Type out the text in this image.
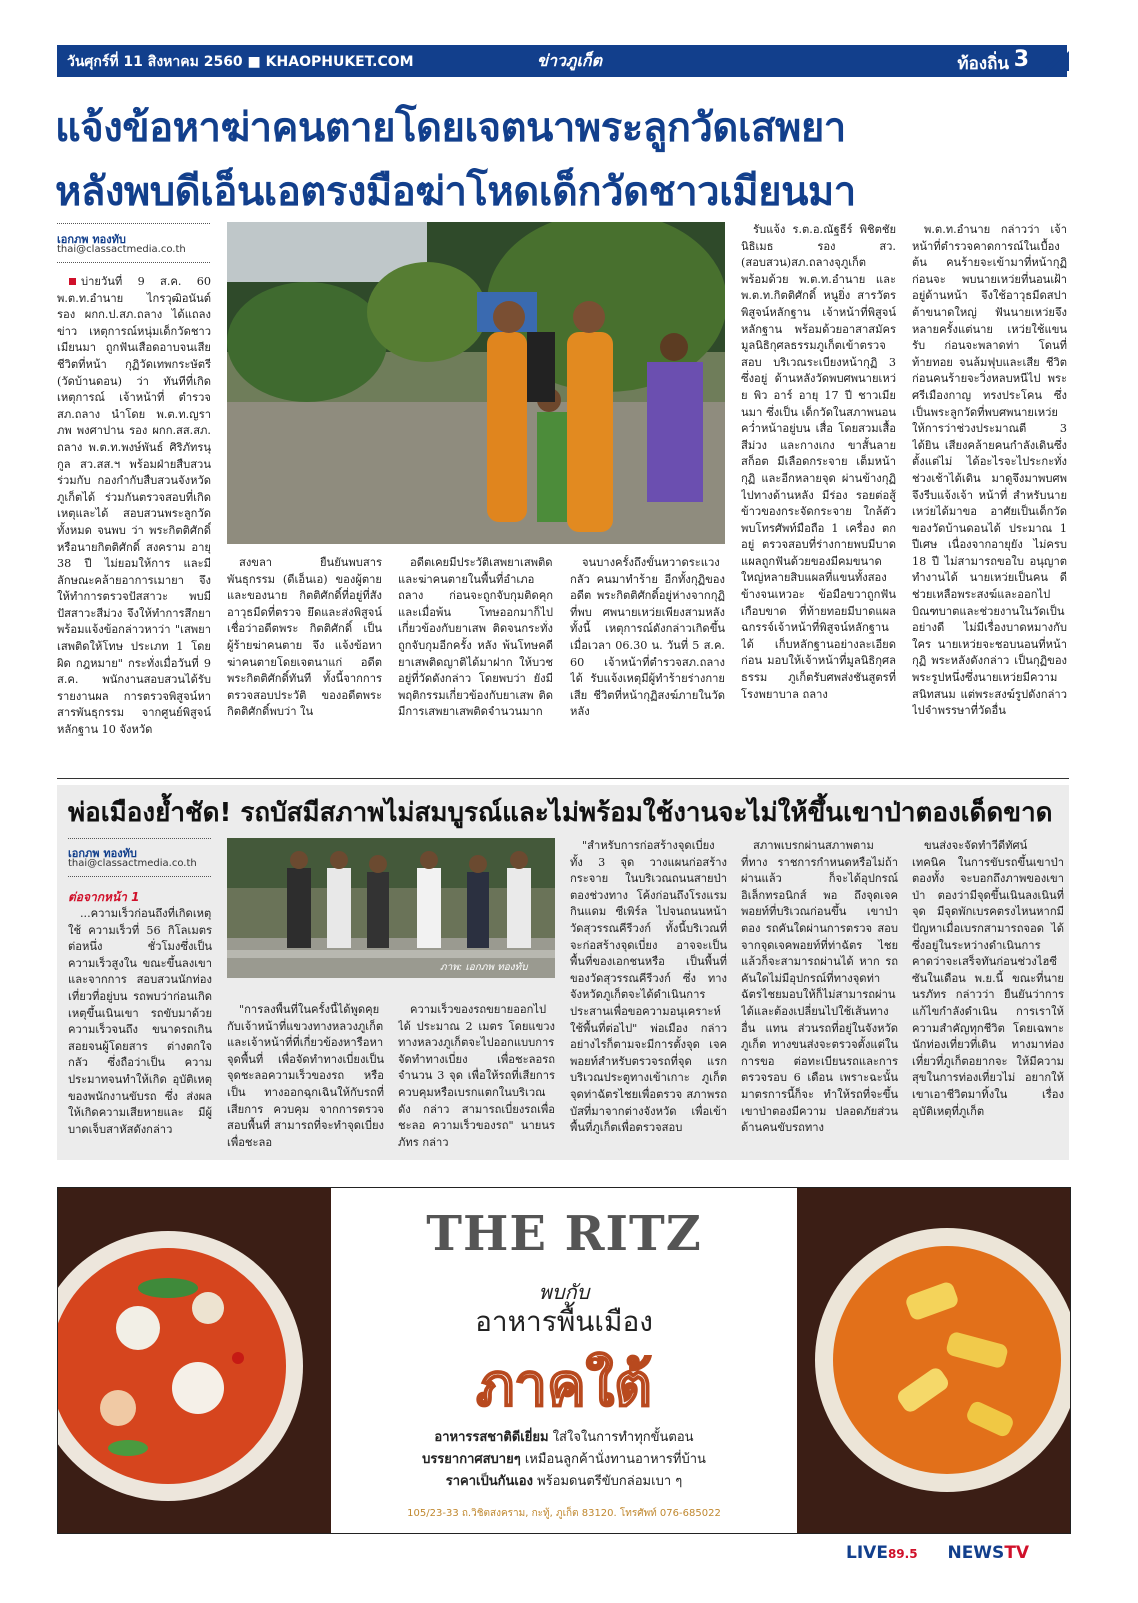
วันศุกร์ที่ 11 สิงหาคม 2560 ■ KHAOPHUKET.COM	ข่าวภูเก็ต	ท้องถิ่น 3
แจ้งข้อหาฆ่าคนตายโดยเจตนาพระลูกวัดเสพยา
หลังพบดีเอ็นเอตรงมือฆ่าโหดเด็กวัดชาวเมียนมา
เอกภพ ทองทับ
thai@classactmedia.co.th

บ่ายวันที่ 9 ส.ค. 60 พ.ต.ท.อำนาย ไกรวุฒิอนันต์ รอง ผกก.ป.สภ.ถลาง ได้แถลงข่าว เหตุการณ์หนุ่มเด็กวัดชาวเมียนมา ถูกฟันเสือดอาบจนเสียชีวิตที่หน้า กุฏิวัดเทพกระษัตรี (วัดบ้านดอน) ว่า ทันทีที่เกิดเหตุการณ์ เจ้าหน้าที่ ตำรวจสภ.ถลาง นำโดย พ.ต.ท.ญรา ภพ พงศาปาน รอง ผกก.สส.สภ. ถลาง พ.ต.ท.พงษ์พันธ์ ศิริภัทรนุกูล สว.สส.ฯ พร้อมฝ่ายสืบสวน ร่วมกับ กองกำกับสืบสวนจังหวัดภูเก็ตได้ ร่วมกันตรวจสอบที่เกิดเหตุและได้ สอบสวนพระลูกวัดทั้งหมด จนพบ ว่า พระกิตติศักดิ์ หรือนายกิตติศักดิ์ สงคราม อายุ 38 ปี ไม่ยอมให้การ และมีลักษณะคล้ายอาการเมายา จึงให้ทำการตรวจปัสสาวะ พบมี ปัสสาวะสีม่วง จึงให้ทำการสึกยา พร้อมแจ้งข้อกล่าวหาว่า "เสพยา เสพติดให้โทษ ประเภท 1 โดยผิด กฎหมาย" กระทั่งเมื่อวันที่ 9 ส.ค. พนักงานสอบสวนได้รับรายงานผล การตรวจพิสูจน์หาสารพันธุกรรม จากศูนย์พิสูจน์หลักฐาน 10 จังหวัด

สงขลา ยืนยันพบสารพันธุกรรม (ดีเอ็นเอ) ของผู้ตาย และของนาย กิตติศักดิ์ที่อยู่ที่สังอาวุธมีดที่ตรวจ ยึดและส่งพิสูจน์ เชื่อว่าอดีตพระ กิตติศักดิ์ เป็นผู้ร้ายฆ่าคนตาย จึง แจ้งข้อหาฆ่าคนตายโดยเจตนาแก่ อดีตพระกิตติศักดิ์ทันที ทั้งนี้จากการตรวจสอบประวัติ ของอดีตพระกิตติศักดิ์พบว่า ใน

อดีตเคยมีประวัติเสพยาเสพติด และฆ่าคนตายในพื้นที่อำเภอถลาง ก่อนจะถูกจับกุมติดคุก และเมื่อพ้น โทษออกมาก็ไปเกี่ยวข้องกับยาเสพ ติดจนกระทั่งถูกจับกุมอีกครั้ง หลัง พ้นโทษคดียาเสพติดญาติได้มาฝาก ให้บวชอยู่ที่วัดดังกล่าว โดยพบว่า ยังมีพฤติกรรมเกี่ยวข้องกับยาเสพ ติด มีการเสพยาเสพติดจำนวนมาก

จนบางครั้งถึงขั้นหวาดระแวง กลัว คนมาทำร้าย อีกทั้งกุฏิของอดีต พระกิตติศักดิ์อยู่ห่างจากกุฏิที่พบ ศพนายเหว่ยเพียงสามหลัง ทั้งนี้ เหตุการณ์ดังกล่าวเกิดขึ้น เมื่อเวลา 06.30 น. วันที่ 5 ส.ค. 60 เจ้าหน้าที่ตำรวจสภ.ถลาง ได้ รับแจ้งเหตุมีผู้ทำร้ายร่างกายเสีย ชีวิตที่หน้ากุฏิสงฆ์ภายในวัด หลัง

รับแจ้ง ร.ต.อ.ณัฐธีร์ พิชิตชัยนิธิเมธ รอง สว.(สอบสวน)สภ.ถลางจุภูเก็ต พร้อมด้วย พ.ต.ท.อำนาย และ พ.ต.ท.กิตติศักดิ์ หนูยิ่ง สารวัตร พิสูจน์หลักฐาน เจ้าหน้าที่พิสูจน์ หลักฐาน พร้อมด้วยอาสาสมัคร มูลนิธิกุศลธรรมภูเก็ตเข้าตรวจสอบ บริเวณระเบียงหน้ากุฏิ 3 ซึ่งอยู่ ด้านหลังวัดพบศพนายเหว่ย พิว อาร์ อายุ 17 ปี ชาวเมียนมา ซึ่งเป็น เด็กวัดในสภาพนอนคว่ำหน้าอยู่บน เสื่อ โดยสวมเสื้อสีม่วง และกางเกง ขาสั้นลายสก็อต มีเลือดกระจาย เต็มหน้ากุฏิ และอีกหลายจุด ผ่านข้างกุฏิ ไปทางด้านหลัง มีร่อง รอยต่อสู้ข้าวของกระจัดกระจาย ใกล้ตัวพบโทรศัพท์มือถือ 1 เครื่อง ตกอยู่ ตรวจสอบที่ร่างกายพบมีบาด แผลถูกฟันด้วยของมีคมขนาด ใหญ่หลายสิบแผลที่แขนทั้งสอง ข้างจนเหวอะ ข้อมือขวาถูกฟัน เกือบขาด ที่ท้ายทอยมีบาดแผล ฉกรรจ์เจ้าหน้าที่พิสูจน์หลักฐานได้ เก็บหลักฐานอย่างละเอียดก่อน มอบให้เจ้าหน้าที่มูลนิธิกุศลธรรม ภูเก็ตรับศพส่งชันสูตรที่โรงพยาบาล ถลาง

พ.ต.ท.อำนาย กล่าวว่า เจ้า หน้าที่ตำรวจคาดการณ์ในเบื้องต้น คนร้ายจะเข้ามาที่หน้ากุฏิก่อนจะ พบนายเหว่ยที่นอนเฝ้าอยู่ด้านหน้า จึงใช้อาวุธมีดสปาต้าขนาดใหญ่ ฟันนายเหว่ยจึงหลายครั้งแต่นาย เหว่ยใช้แขนรับ ก่อนจะพลาดท่า โดนที่ท้ายทอย จนล้มฟุบและเสีย ชีวิต ก่อนคนร้ายจะวิ่งหลบหนีไป พระศรีเมืองกาญ ทรงประโคน ซึ่งเป็นพระลูกวัดที่พบศพนายเหว่ย ให้การว่าช่วงประมาณตี 3 ได้ยิน เสียงคล้ายคนกำลังเดินซึ่งตั้งแต่ไม่ ได้อะไรจะไประกะทั่งช่วงเช้าได้เดิน มาดูจึงมาพบศพ จึงรีบแจ้งเจ้า หน้าที่ สำหรับนายเหว่ยได้มาขอ อาศัยเป็นเด็กวัดของวัดบ้านดอนได้ ประมาณ 1 ปีเศษ เนื่องจากอายุยัง ไม่ครบ 18 ปี ไม่สามารถขอใบ อนุญาตทำงานได้ นายเหว่ยเป็นคน ดี ช่วยเหลือพระสงฆ์และออกไป บิณฑบาตและช่วยงานในวัดเป็น อย่างดี ไม่มีเรื่องบาดหมางกับใคร นายเหว่ยจะชอบนอนที่หน้ากุฏิ พระหลังดังกล่าว เป็นกุฏิของ พระรูปหนึ่งซึ่งนายเหว่ยมีความ สนิทสนม แต่พระสงฆ์รูปดังกล่าว ไปจำพรรษาที่วัดอื่น

พ่อเมืองย้ำชัด! รถบัสมีสภาพไม่สมบูรณ์และไม่พร้อมใช้งานจะไม่ให้ขึ้นเขาป่าตองเด็ดขาด
เอกภพ ทองทับ
thai@classactmedia.co.th
ต่อจากหน้า 1
ภาพ: เอกภพ ทองทับ

...ความเร็วก่อนถึงที่เกิดเหตุใช้ ความเร็วที่ 56 กิโลเมตรต่อหนึ่ง ชั่วโมงซึ่งเป็นความเร็วสูงใน ขณะขึ้นลงเขา และจากการ สอบสวนนักท่องเที่ยวที่อยู่บน รถพบว่าก่อนเกิดเหตุขึ้นเนินเขา รถขับมาด้วยความเร็วจนถึง ขนาดรถเกินสอยจนผู้โดยสาร ต่างตกใจกลัว ซึ่งถือว่าเป็น ความประมาทจนทำให้เกิด อุบัติเหตุของพนักงานขับรถ ซึ่ง ส่งผลให้เกิดความเสียหายและ มีผู้บาดเจ็บสาหัสดังกล่าว

"การลงพื้นที่ในครั้งนี้ได้พูดคุย กับเจ้าหน้าที่แขวงทางหลวงภูเก็ต และเจ้าหน้าที่ที่เกี่ยวข้องหารือหา จุดพื้นที่ เพื่อจัดทำทางเบี่ยงเป็น จุดชะลอความเร็วของรถ หรือเป็น ทางออกฉุกเฉินให้กับรถที่เสียการ ควบคุม จากการตรวจสอบพื้นที่ สามารถที่จะทำจุดเบี่ยงเพื่อชะลอ

ความเร็วของรถขยายออกไปได้ ประมาณ 2 เมตร โดยแขวง ทางหลวงภูเก็ตจะไปออกแบบการ จัดทำทางเบี่ยง เพื่อชะลอรถ จำนวน 3 จุด เพื่อให้รถที่เสียการ ควบคุมหรือเบรกแตกในบริเวณดัง กล่าว สามารถเบี่ยงรถเพื่อชะลอ ความเร็วของรถ" นายนรภัทร กล่าว

"สำหรับการก่อสร้างจุดเบี่ยง ทั้ง 3 จุด วางแผนก่อสร้างกระจาย ในบริเวณถนนสายป่าตองช่วงทาง โค้งก่อนถึงโรงแรมกินแดม ซีเพิร์ล ไปจนถนนหน้าวัดสุวรรณคีรีวงก์ ทั้งนี้บริเวณที่จะก่อสร้างจุดเบี่ยง อาจจะเป็นพื้นที่ของเอกชนหรือ เป็นพื้นที่ของวัดสุวรรณคีรีวงก์ ซึ่ง ทางจังหวัดภูเก็ตจะได้ดำเนินการ ประสานเพื่อขอความอนุเคราะห์ ใช้พื้นที่ต่อไป" พ่อเมือง กล่าว อย่างไรก็ตามจะมีการตั้งจุด เจคพอยท์สำหรับตรวจรถที่จุด แรกบริเวณประตูทางเข้าเกาะ ภูเก็ตจุดท่าฉัตรไชยเพื่อตรวจ สภาพรถบัสที่มาจากต่างจังหวัด เพื่อเข้าพื้นที่ภูเก็ตเพื่อตรวจสอบ

สภาพเบรกผ่านสภาพตามที่ทาง ราชการกำหนดหรือไม่ถ้าผ่านแล้ว ก็จะได้อุปกรณ์อิเล็กทรอนิกส์ พอ ถึงจุดเจคพอยท์ที่บริเวณก่อนขึ้น เขาป่าตอง รถคันใดผ่านการตรวจ สอบจากจุดเจคพอยท์ที่ท่าฉัตร ไชยแล้วก็จะสามารถผ่านได้ หาก รถคันใดไม่มีอุปกรณ์ที่ทางจุดท่า ฉัตรไชยมอบให้ก็ไม่สามารถผ่าน ได้และต้องเปลี่ยนไปใช้เส้นทางอื่น แทน ส่วนรถที่อยู่ในจังหวัดภูเก็ต ทางขนส่งจะตรวจตั้งแต่ในการขอ ต่อทะเบียนรถและการตรวจรอบ 6 เดือน เพราะฉะนั้นมาตรการนี้ก็จะ ทำให้รถที่จะขึ้นเขาป่าตองมีความ ปลอดภัยส่วนด้านคนขับรถทาง

ขนส่งจะจัดทำวีดีทัศน์ เทคนิค ในการขับรถขึ้นเขาป่าตองทั้ง จะบอกถึงภาพของเขาป่า ตองว่ามีจุดขึ้นเนินลงเนินที่จุด มีจุดพักเบรคตรงไหนหากมี ปัญหาเมื่อเบรกสามารถจอด ได้ซึ่งอยู่ในระหว่างดำเนินการ คาดว่าจะเสร็จทันก่อนช่วงไฮซี ซันในเดือน พ.ย.นี้ ขณะที่นายนรภัทร กล่าวว่า ยืนยันว่าการแก้ไขกำลังดำเนิน การเราให้ความสำคัญทุกชีวิต โดยเฉพาะนักท่องเที่ยวที่เดิน ทางมาท่องเที่ยวที่ภูเก็ตอยากจะ ให้มีความสุขในการท่องเที่ยวไม่ อยากให้เขาเอาชีวิตมาทิ้งใน เรื่องอุบัติเหตุที่ภูเก็ต

THE RITZ
พบกับ
อาหารพื้นเมือง
ภาคใต้
อาหารรสชาติดีเยี่ยม ใส่ใจในการทำทุกขั้นตอน
บรรยากาศสบายๆ เหมือนลูกค้านั่งทานอาหารที่บ้าน
ราคาเป็นกันเอง พร้อมดนตรีขับกล่อมเบา ๆ
105/23-33 ถ.วิชิตสงคราม, กะทู้, ภูเก็ต 83120. โทรศัพท์ 076-685022
LIVE89.5 NEWSTV
